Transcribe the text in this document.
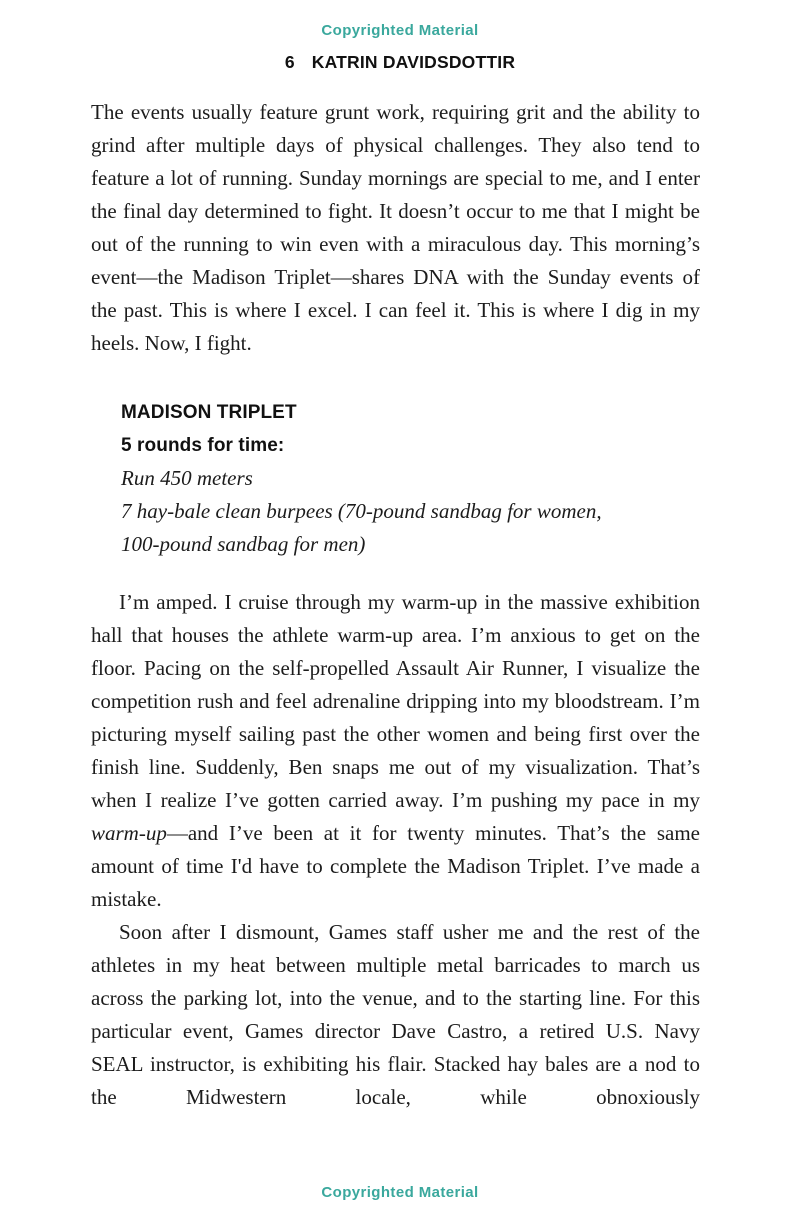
Copyrighted Material
6 KATRIN DAVIDSDOTTIR

The events usually feature grunt work, requiring grit and the ability to grind after multiple days of physical challenges. They also tend to feature a lot of running. Sunday mornings are special to me, and I enter the final day determined to fight. It doesn’t occur to me that I might be out of the running to win even with a miraculous day. This morning’s event—the Madison Triplet—shares DNA with the Sunday events of the past. This is where I excel. I can feel it. This is where I dig in my heels. Now, I fight.

MADISON TRIPLET
5 rounds for time:
Run 450 meters
7 hay-bale clean burpees (70-pound sandbag for women,
100-pound sandbag for men)

I’m amped. I cruise through my warm-up in the massive exhibition hall that houses the athlete warm-up area. I’m anxious to get on the floor. Pacing on the self-propelled Assault Air Runner, I visualize the competition rush and feel adrenaline dripping into my bloodstream. I’m picturing myself sailing past the other women and being first over the finish line. Suddenly, Ben snaps me out of my visualization. That’s when I realize I’ve gotten carried away. I’m pushing my pace in my warm-up—and I’ve been at it for twenty minutes. That’s the same amount of time I'd have to complete the Madison Triplet. I’ve made a mistake.

Soon after I dismount, Games staff usher me and the rest of the athletes in my heat between multiple metal barricades to march us across the parking lot, into the venue, and to the starting line. For this particular event, Games director Dave Castro, a retired U.S. Navy SEAL instructor, is exhibiting his flair. Stacked hay bales are a nod to the Midwestern locale, while obnoxiously

Copyrighted Material
